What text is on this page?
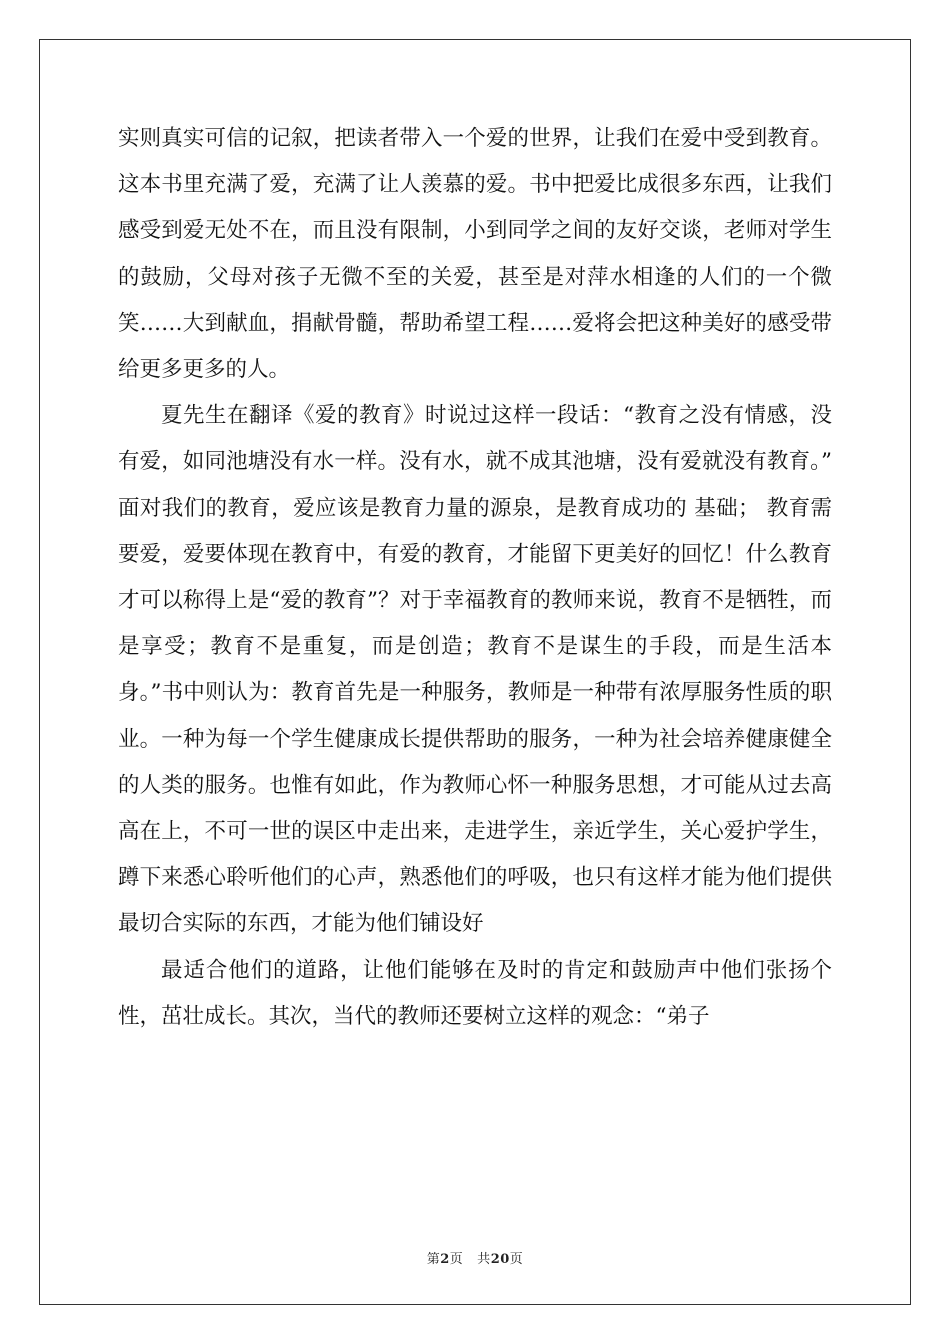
实则真实可信的记叙，把读者带入一个爱的世界，让我们在爱中受到教育。这本书里充满了爱，充满了让人羡慕的爱。书中把爱比成很多东西，让我们感受到爱无处不在，而且没有限制，小到同学之间的友好交谈，老师对学生的鼓励，父母对孩子无微不至的关爱，甚至是对萍水相逢的人们的一个微笑……大到献血，捐献骨髓，帮助希望工程……爱将会把这种美好的感受带给更多更多的人。

夏先生在翻译《爱的教育》时说过这样一段话：“教育之没有情感，没有爱，如同池塘没有水一样。没有水，就不成其池塘，没有爱就没有教育。” 面对我们的教育，爱应该是教育力量的源泉，是教育成功的 基础； 教育需要爱，爱要体现在教育中，有爱的教育，才能留下更美好的回忆！什么教育才可以称得上是“爱的教育”？对于幸福教育的教师来说，教育不是牺牲，而是享受；教育不是重复，而是创造；教育不是谋生的手段，而是生活本身。”书中则认为：教育首先是一种服务，教师是一种带有浓厚服务性质的职业。一种为每一个学生健康成长提供帮助的服务，一种为社会培养健康健全的人类的服务。也惟有如此，作为教师心怀一种服务思想，才可能从过去高高在上，不可一世的误区中走出来，走进学生，亲近学生，关心爱护学生，蹲下来悉心聆听他们的心声，熟悉他们的呼吸，也只有这样才能为他们提供最切合实际的东西，才能为他们铺设好

最适合他们的道路，让他们能够在及时的肯定和鼓励声中他们张扬个性，茁壮成长。其次，当代的教师还要树立这样的观念：“弟子

第2页 共20页
